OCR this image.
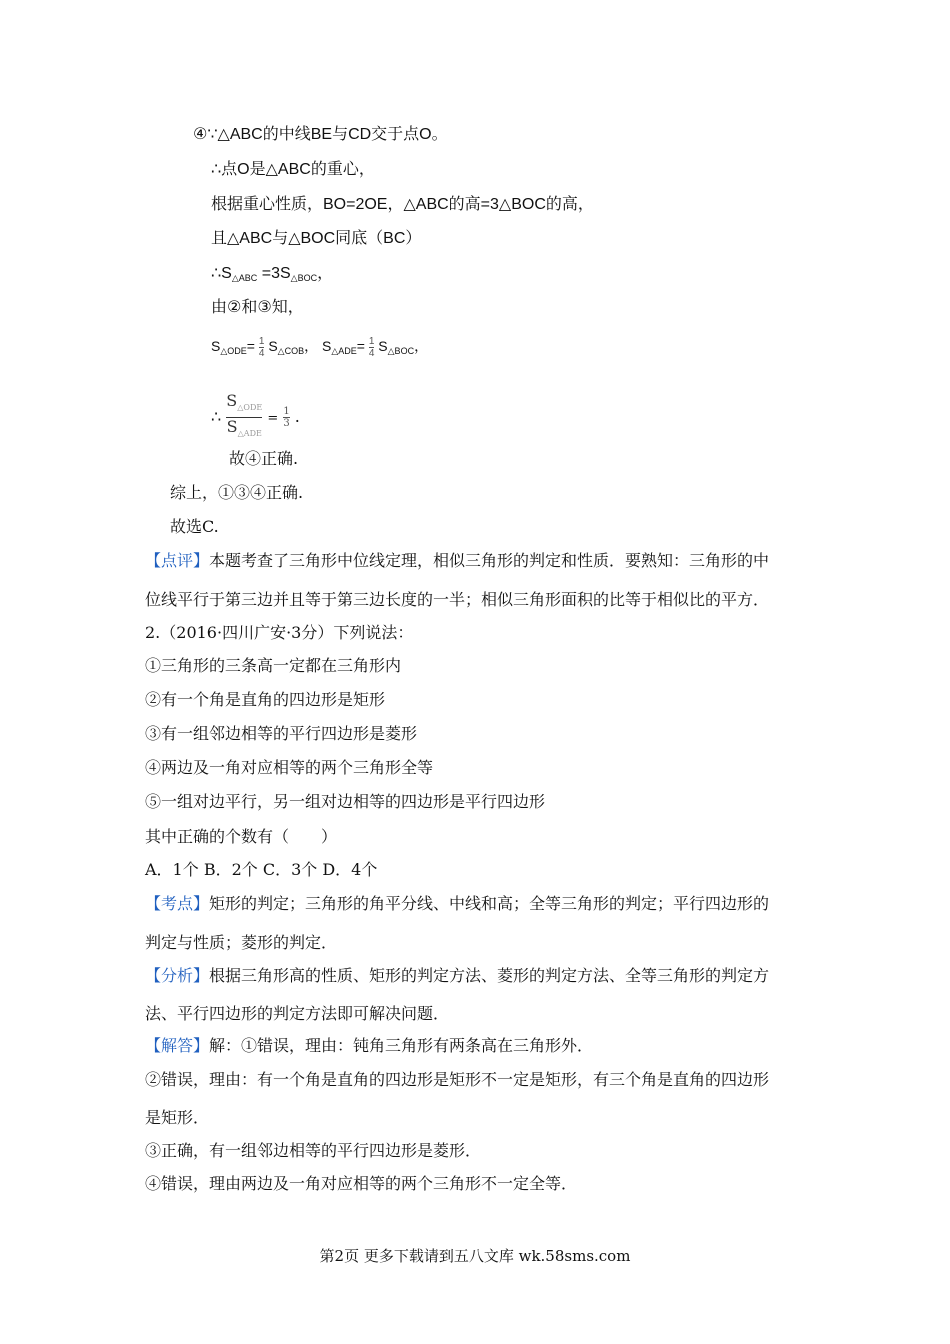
④∵△ABC的中线BE与CD交于点O。
∴点O是△ABC的重心，
根据重心性质，BO=2OE，△ABC的高=3△BOC的高，
且△ABC与△BOC同底（BC）
$\therefore S_{\triangle ABC} =3S_{\triangle BOC}$，
由②和③知，
$S_{\triangle ODE}= \frac{1}{4} S_{\triangle COB}$， $S_{\triangle ADE}= \frac{1}{4} S_{\triangle BOC}$，
∴ $\frac{S_{\triangle ODE}}{S_{\triangle ADE}} = \frac{1}{3}$ .
故④正确.
综上，①③④正确.
故选C.
【点评】本题考查了三角形中位线定理，相似三角形的判定和性质．要熟知：三角形的中
位线平行于第三边并且等于第三边长度的一半；相似三角形面积的比等于相似比的平方．
2.（2016·四川广安·3分）下列说法：
①三角形的三条高一定都在三角形内
②有一个角是直角的四边形是矩形
③有一组邻边相等的平行四边形是菱形
④两边及一角对应相等的两个三角形全等
⑤一组对边平行，另一组对边相等的四边形是平行四边形
其中正确的个数有（　　）
A．1个 B．2个 C．3个 D．4个
【考点】矩形的判定；三角形的角平分线、中线和高；全等三角形的判定；平行四边形的
判定与性质；菱形的判定．
【分析】根据三角形高的性质、矩形的判定方法、菱形的判定方法、全等三角形的判定方
法、平行四边形的判定方法即可解决问题．
【解答】解：①错误，理由：钝角三角形有两条高在三角形外．
②错误，理由：有一个角是直角的四边形是矩形不一定是矩形，有三个角是直角的四边形
是矩形．
③正确，有一组邻边相等的平行四边形是菱形．
④错误，理由两边及一角对应相等的两个三角形不一定全等．
第2页 更多下载请到五八文库 wk.58sms.com
